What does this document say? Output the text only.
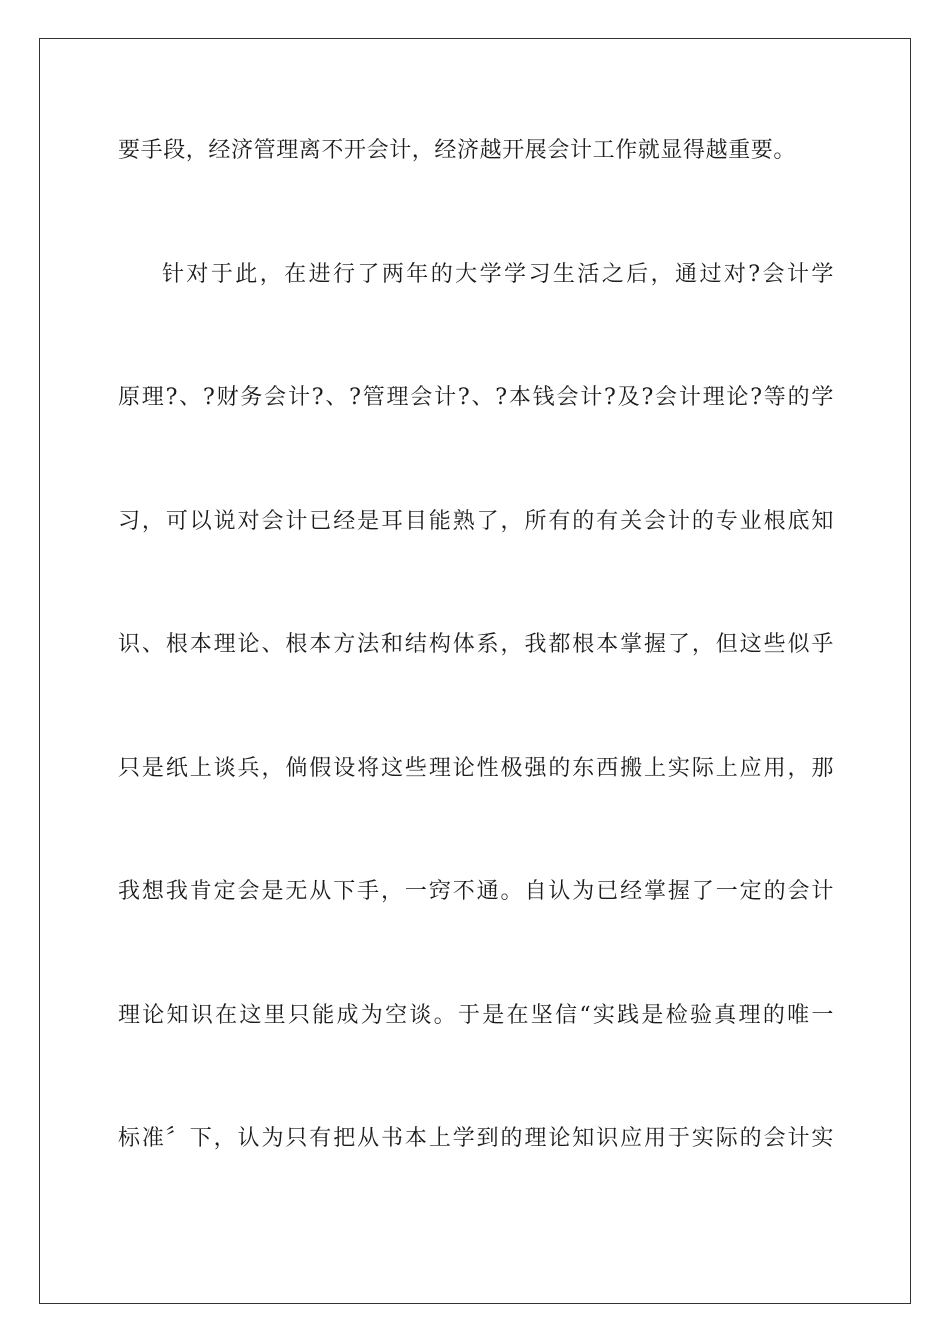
要手段，经济管理离不开会计，经济越开展会计工作就显得越重要。
针对于此，在进行了两年的大学学习生活之后，通过对?会计学
原理?、?财务会计?、?管理会计?、?本钱会计?及?会计理论?等的学
习，可以说对会计已经是耳目能熟了，所有的有关会计的专业根底知
识、根本理论、根本方法和结构体系，我都根本掌握了，但这些似乎
只是纸上谈兵，倘假设将这些理论性极强的东西搬上实际上应用，那
我想我肯定会是无从下手，一窍不通。自认为已经掌握了一定的会计
理论知识在这里只能成为空谈。于是在坚信“实践是检验真理的唯一
标准〞下，认为只有把从书本上学到的理论知识应用于实际的会计实
